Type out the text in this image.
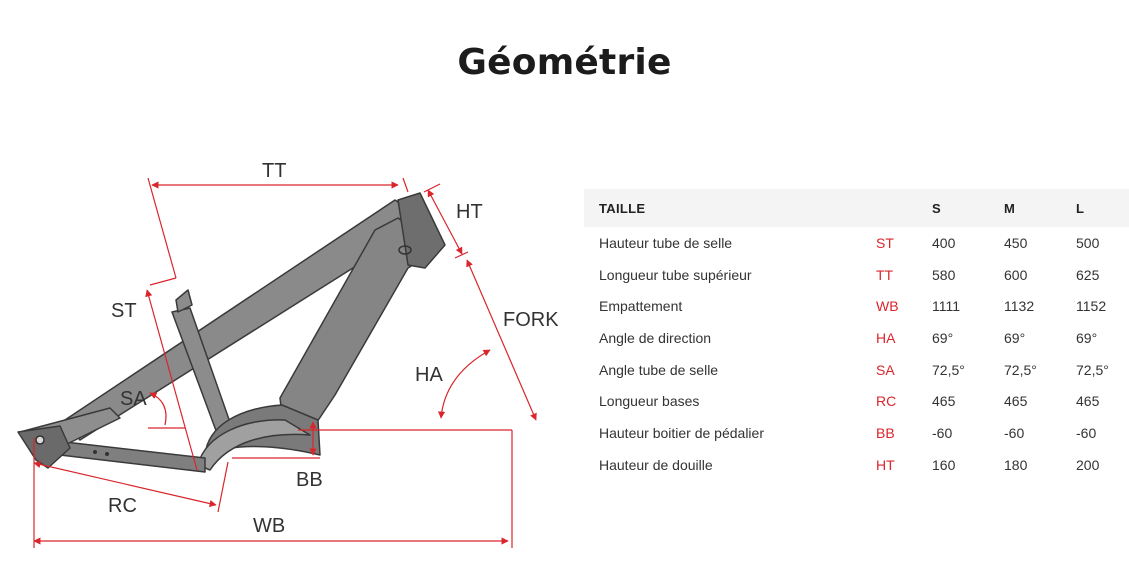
Géométrie
TT
HT
ST	FORK
SA
HA
BB
RC
WB
TAILLE		S	M	L
Hauteur tube de selle	ST	400	450	500
Longueur tube supérieur	TT	580	600	625
Empattement	WB	1111	1132	1152
Angle de direction	HA	69°	69°	69°
Angle tube de selle	SA	72,5°	72,5°	72,5°
Longueur bases	RC	465	465	465
Hauteur boitier de pédalier	BB	-60	-60	-60
Hauteur de douille	HT	160	180	200
